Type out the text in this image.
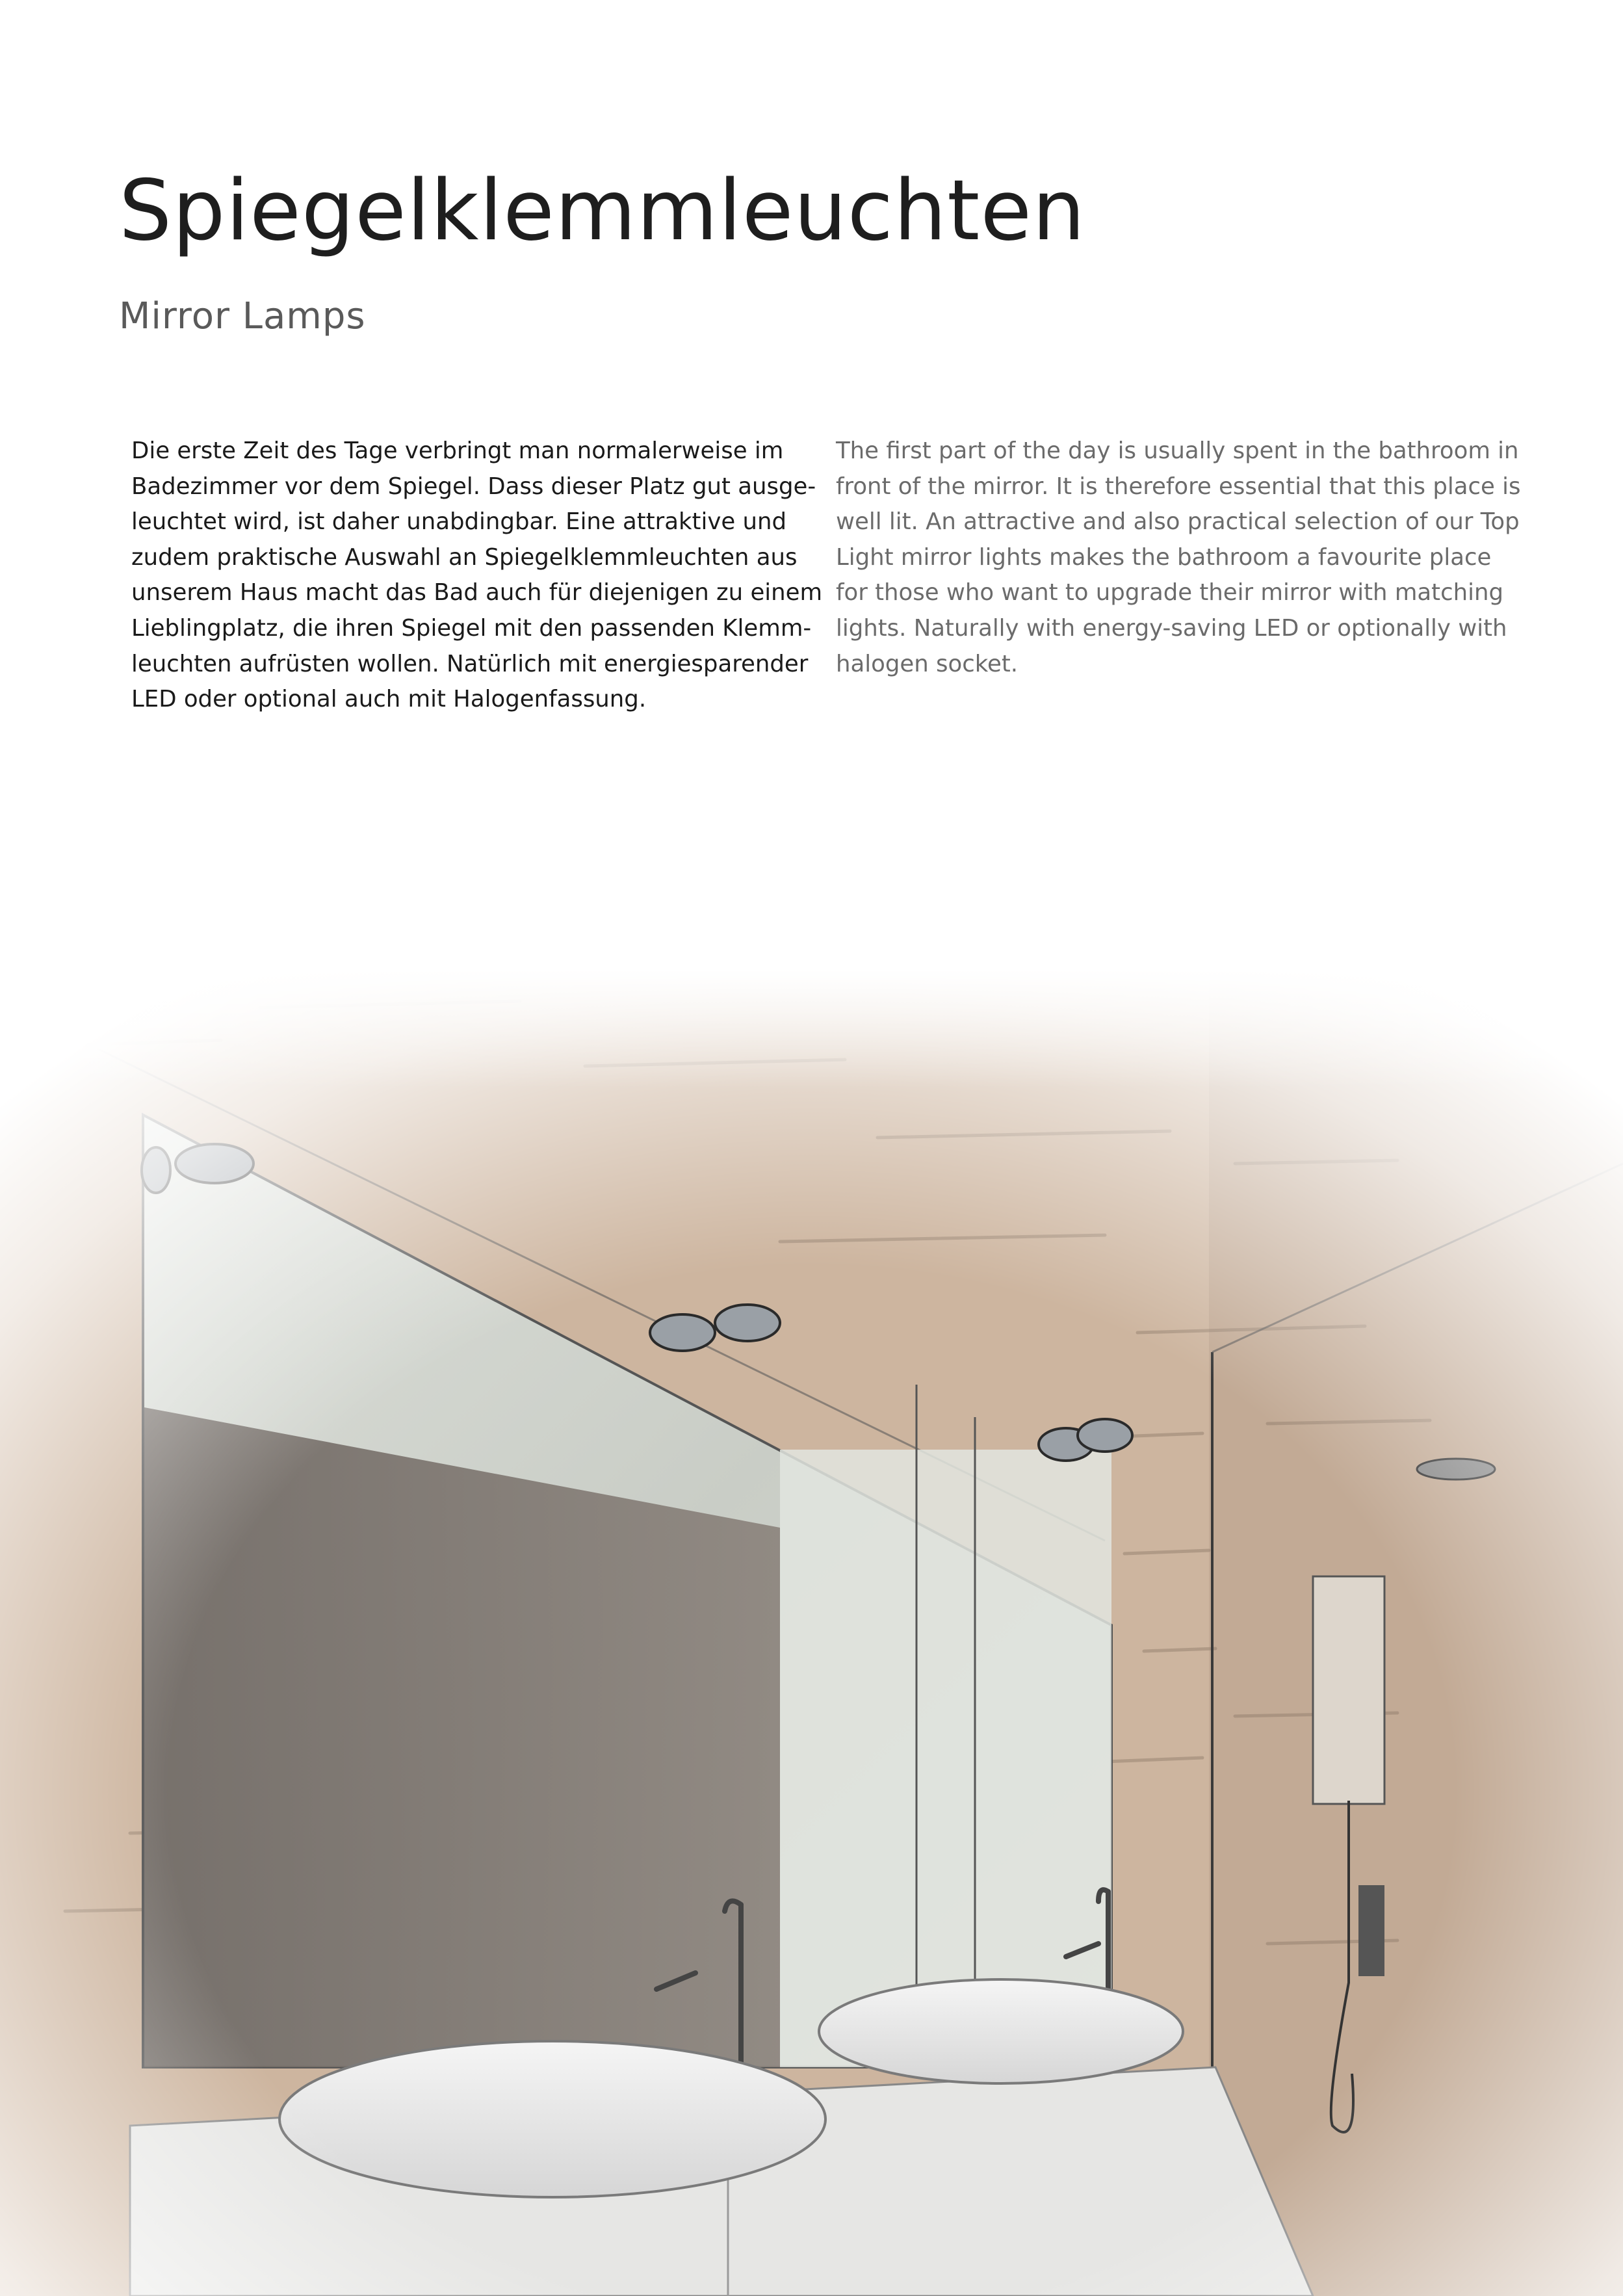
Spiegelklemmleuchten
Mirror Lamps

Die erste Zeit des Tage verbringt man normalerweise im
Badezimmer vor dem Spiegel. Dass dieser Platz gut ausge-
leuchtet wird, ist daher unabdingbar. Eine attraktive und
zudem praktische Auswahl an Spiegelklemmleuchten aus
unserem Haus macht das Bad auch für diejenigen zu einem
Lieblingplatz, die ihren Spiegel mit den passenden Klemm-
leuchten aufrüsten wollen. Natürlich mit energiesparender
LED oder optional auch mit Halogenfassung.

The first part of the day is usually spent in the bathroom in
front of the mirror. It is therefore essential that this place is
well lit. An attractive and also practical selection of our Top
Light mirror lights makes the bathroom a favourite place
for those who want to upgrade their mirror with matching
lights. Naturally with energy-saving LED or optionally with
halogen socket.
